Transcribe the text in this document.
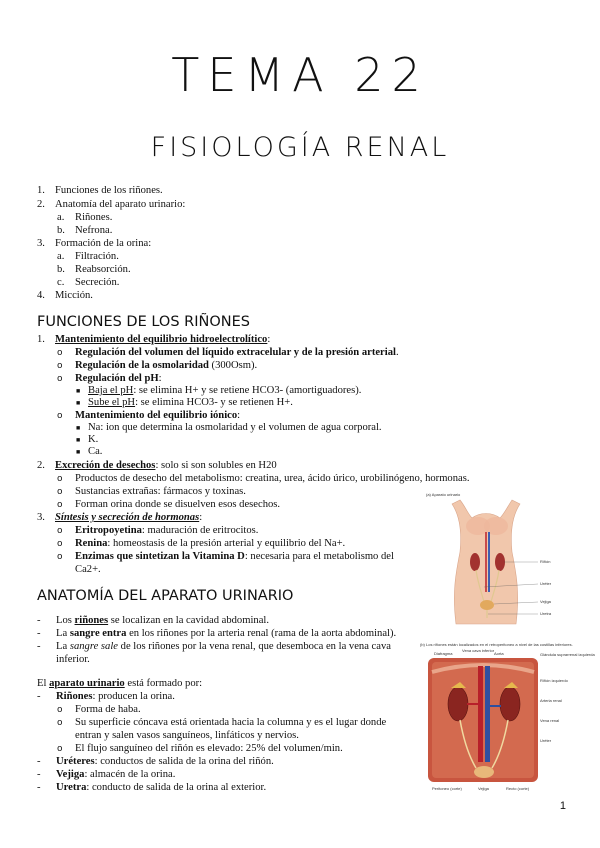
TEMA 22
FISIOLOGÍA RENAL
1. Funciones de los riñones.
2. Anatomía del aparato urinario:
a. Riñones.
b. Nefrona.
3. Formación de la orina:
a. Filtración.
b. Reabsorción.
c. Secreción.
4. Micción.
FUNCIONES DE LOS RIÑONES
1. Mantenimiento del equilibrio hidroelectrolítico:
o Regulación del volumen del líquido extracelular y de la presión arterial.
o Regulación de la osmolaridad (300Osm).
o Regulación del pH:
■ Baja el pH: se elimina H+ y se retiene HCO3- (amortiguadores).
■ Sube el pH: se elimina HCO3- y se retienen H+.
o Mantenimiento del equilibrio iónico:
■ Na: ion que determina la osmolaridad y el volumen de agua corporal.
■ K.
■ Ca.
2. Excreción de desechos: solo si son solubles en H20
o Productos de desecho del metabolismo: creatina, urea, ácido úrico, urobilinógeno, hormonas.
o Sustancias extrañas: fármacos y toxinas.
o Forman orina donde se disuelven esos desechos.
3. Síntesis y secreción de hormonas:
o Eritropoyetina: maduración de eritrocitos.
o Renina: homeostasis de la presión arterial y equilibrio del Na+.
o Enzimas que sintetizan la Vitamina D: necesaria para el metabolismo del
Ca2+.
ANATOMÍA DEL APARATO URINARIO
- Los riñones se localizan en la cavidad abdominal.
- La sangre entra en los riñones por la arteria renal (rama de la aorta abdominal).
- La sangre sale de los riñones por la vena renal, que desemboca en la vena cava
inferior.
El aparato urinario está formado por:
- Riñones: producen la orina.
o Forma de haba.
o Su superficie cóncava está orientada hacia la columna y es el lugar donde
entran y salen vasos sanguíneos, linfáticos y nervios.
o El flujo sanguíneo del riñón es elevado: 25% del volumen/min.
- Uréteres: conductos de salida de la orina del riñón.
- Vejiga: almacén de la orina.
- Uretra: conducto de salida de la orina al exterior.
(a) Aparato urinario
Riñón
Uréter
Vejiga
Uretra
(b) Los riñones están localizados en el retroperitoneo a nivel de las costillas inferiores.
Diafragma
Vena cava inferior
Aorta	Glándula suprarrenal izquierda
Riñón izquierdo
Arteria renal
Vena renal
Uréter
Peritoneo (corte)	Vejiga	Recto (corte)
1
